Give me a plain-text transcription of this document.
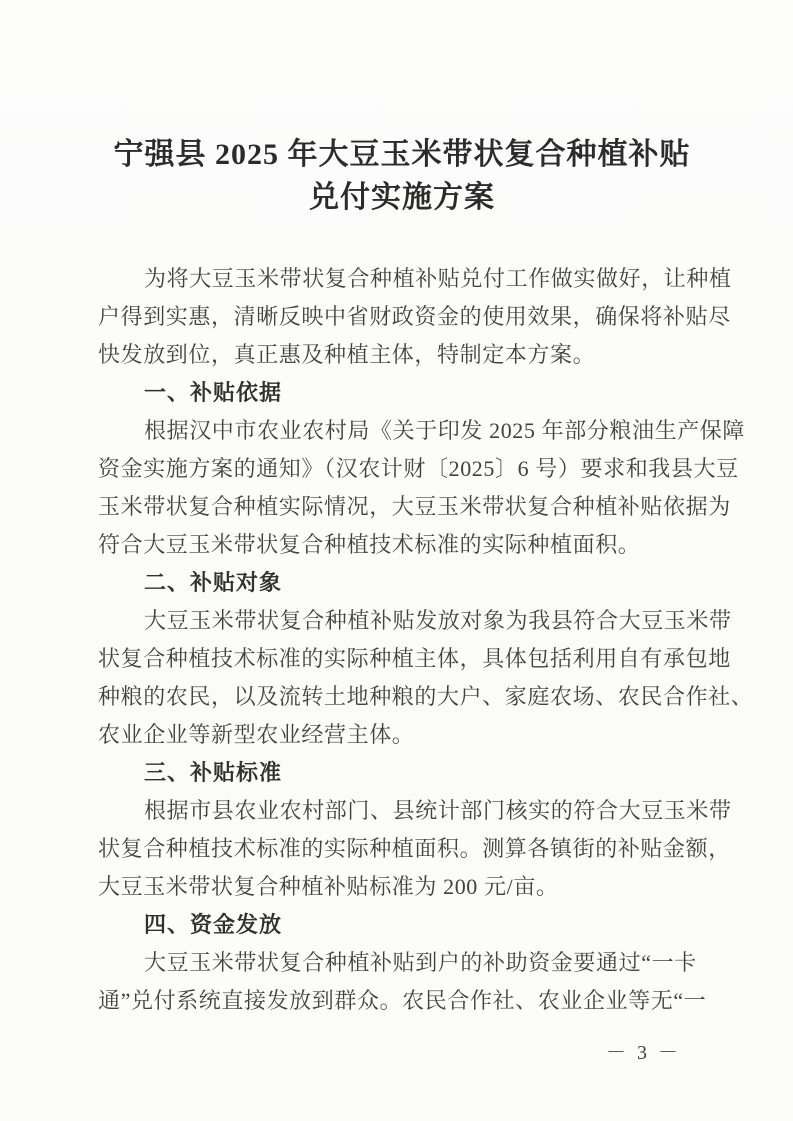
宁强县 2025 年大豆玉米带状复合种植补贴
兑付实施方案
为将大豆玉米带状复合种植补贴兑付工作做实做好，让种植
户得到实惠，清晰反映中省财政资金的使用效果，确保将补贴尽
快发放到位，真正惠及种植主体，特制定本方案。
一、补贴依据
根据汉中市农业农村局《关于印发 2025 年部分粮油生产保障
资金实施方案的通知》（汉农计财〔2025〕6 号）要求和我县大豆
玉米带状复合种植实际情况，大豆玉米带状复合种植补贴依据为
符合大豆玉米带状复合种植技术标准的实际种植面积。
二、补贴对象
大豆玉米带状复合种植补贴发放对象为我县符合大豆玉米带
状复合种植技术标准的实际种植主体，具体包括利用自有承包地
种粮的农民，以及流转土地种粮的大户、家庭农场、农民合作社、
农业企业等新型农业经营主体。
三、补贴标准
根据市县农业农村部门、县统计部门核实的符合大豆玉米带
状复合种植技术标准的实际种植面积。测算各镇街的补贴金额，
大豆玉米带状复合种植补贴标准为 200 元/亩。
四、资金发放
大豆玉米带状复合种植补贴到户的补助资金要通过“一卡
通”兑付系统直接发放到群众。农民合作社、农业企业等无“一
－ 3 －
